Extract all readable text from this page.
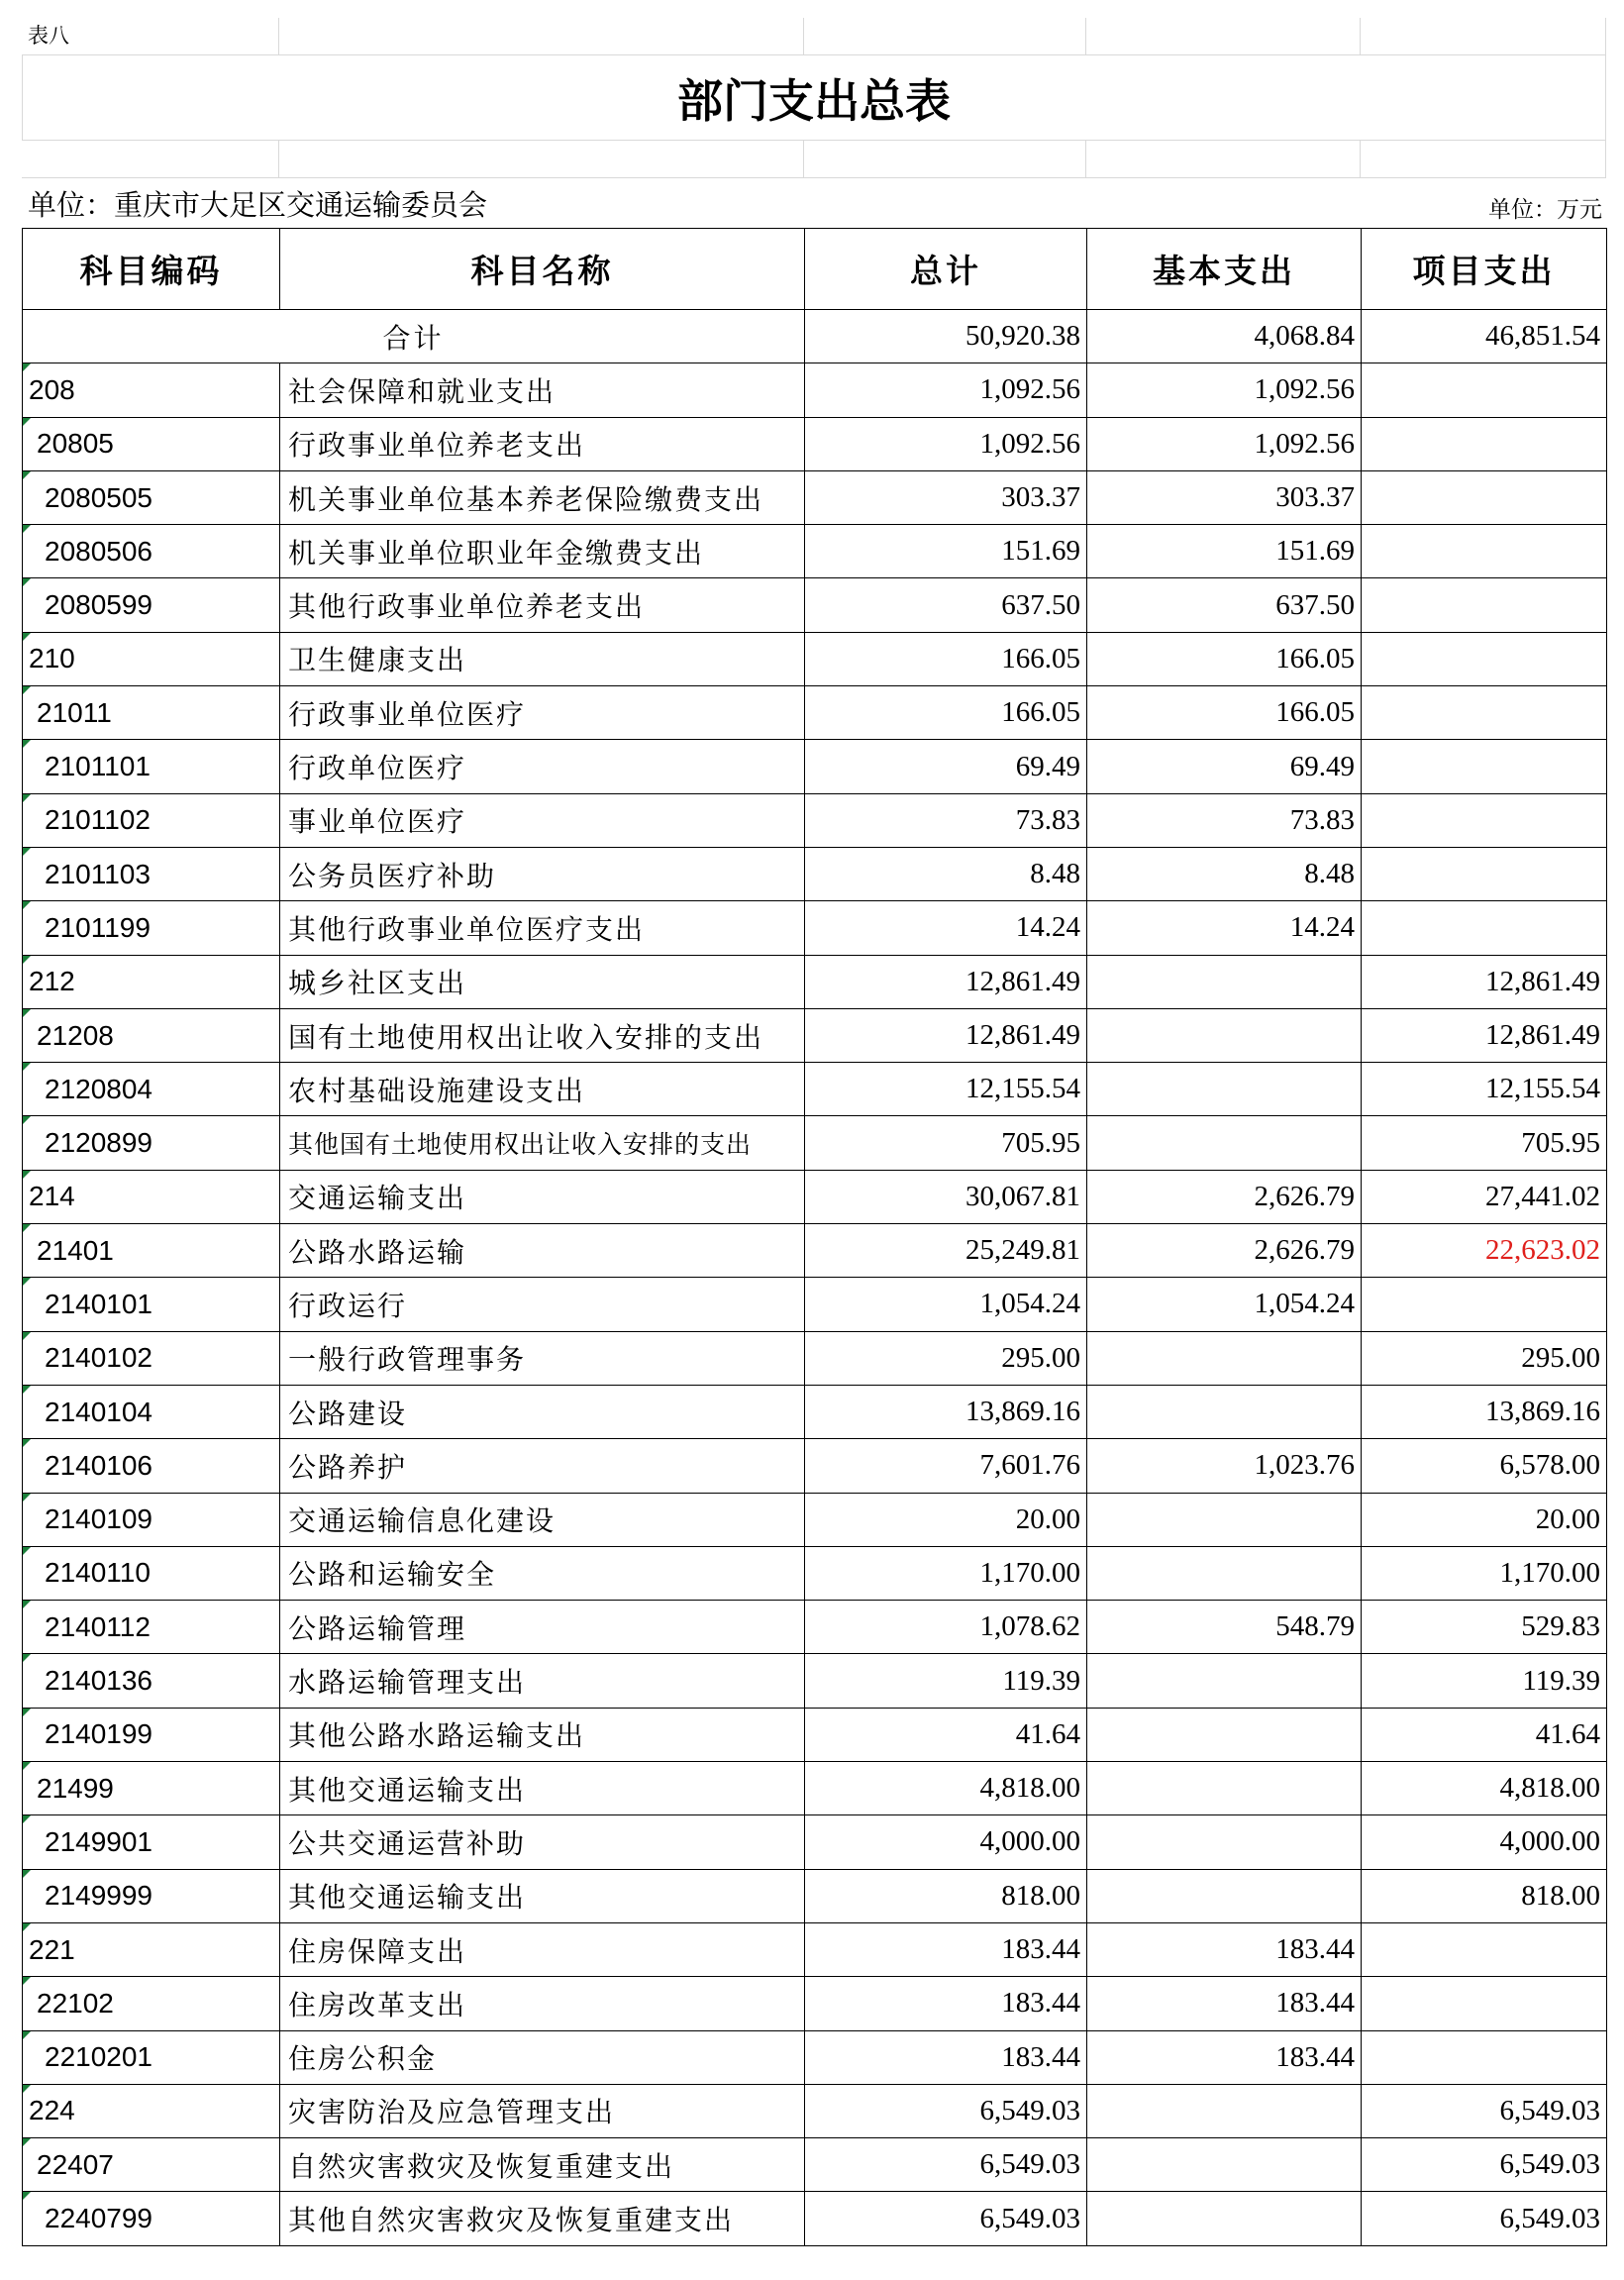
表八
部门支出总表
单位：重庆市大足区交通运输委员会	单位：万元
科目编码	科目名称	总计	基本支出	项目支出
合计		50,920.38	4,068.84	46,851.54

208	社会保障和就业支出	1,092.56	1,092.56	

20805	行政事业单位养老支出	1,092.56	1,092.56	

2080505	机关事业单位基本养老保险缴费支出	303.37	303.37	

2080506	机关事业单位职业年金缴费支出	151.69	151.69	

2080599	其他行政事业单位养老支出	637.50	637.50	

210	卫生健康支出	166.05	166.05	

21011	行政事业单位医疗	166.05	166.05	

2101101	行政单位医疗	69.49	69.49	

2101102	事业单位医疗	73.83	73.83	

2101103	公务员医疗补助	8.48	8.48	

2101199	其他行政事业单位医疗支出	14.24	14.24	

212	城乡社区支出	12,861.49		12,861.49

21208	国有土地使用权出让收入安排的支出	12,861.49		12,861.49

2120804	农村基础设施建设支出	12,155.54		12,155.54

2120899	其他国有土地使用权出让收入安排的支出	705.95		705.95

214	交通运输支出	30,067.81	2,626.79	27,441.02

21401	公路水路运输	25,249.81	2,626.79	22,623.02

2140101	行政运行	1,054.24	1,054.24	

2140102	一般行政管理事务	295.00		295.00

2140104	公路建设	13,869.16		13,869.16

2140106	公路养护	7,601.76	1,023.76	6,578.00

2140109	交通运输信息化建设	20.00		20.00

2140110	公路和运输安全	1,170.00		1,170.00

2140112	公路运输管理	1,078.62	548.79	529.83

2140136	水路运输管理支出	119.39		119.39

2140199	其他公路水路运输支出	41.64		41.64

21499	其他交通运输支出	4,818.00		4,818.00

2149901	公共交通运营补助	4,000.00		4,000.00

2149999	其他交通运输支出	818.00		818.00

221	住房保障支出	183.44	183.44	

22102	住房改革支出	183.44	183.44	

2210201	住房公积金	183.44	183.44	

224	灾害防治及应急管理支出	6,549.03		6,549.03

22407	自然灾害救灾及恢复重建支出	6,549.03		6,549.03

2240799	其他自然灾害救灾及恢复重建支出	6,549.03		6,549.03
